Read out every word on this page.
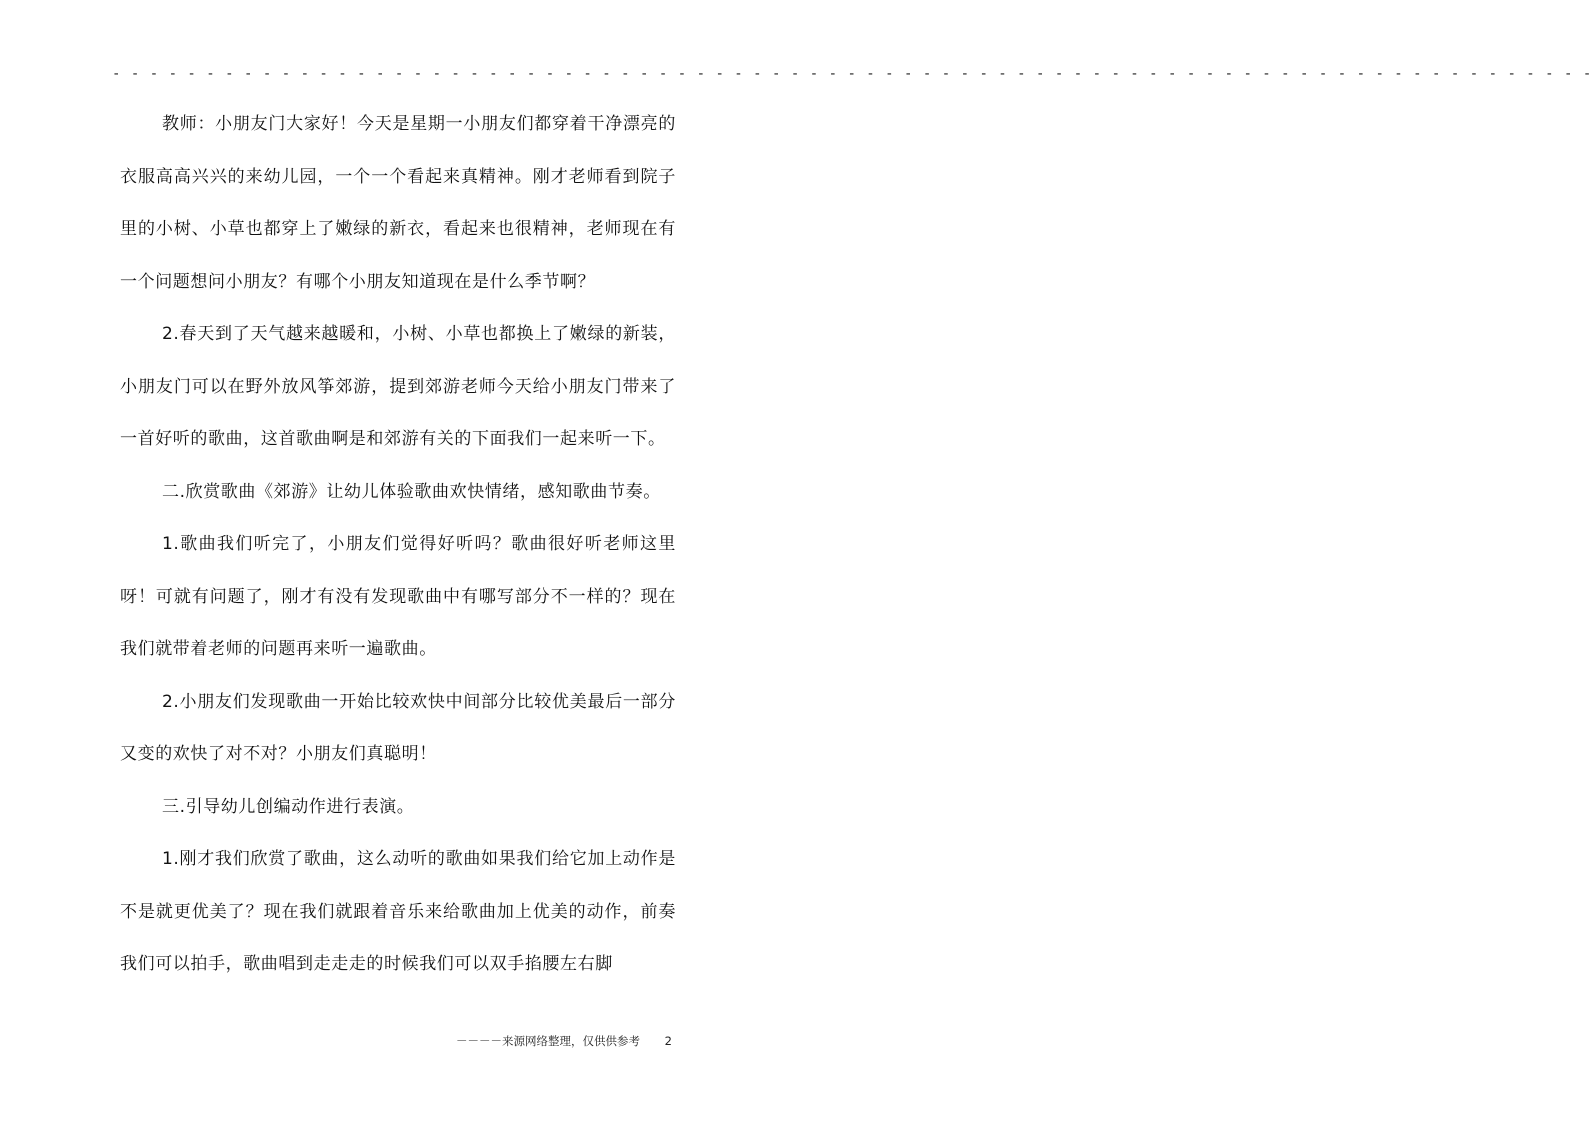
- - - - - - - - - - - - - - - - - - - - - - - - - - - - - - - - - - - - - - - - - - - - - - - - - - - - - - - - - - - - - - - - - - - - - - - - - - - - - - -

教师：小朋友门大家好！今天是星期一小朋友们都穿着干净漂亮的衣服高高兴兴的来幼儿园，一个一个看起来真精神。刚才老师看到院子里的小树、小草也都穿上了嫩绿的新衣，看起来也很精神，老师现在有一个问题想问小朋友？有哪个小朋友知道现在是什么季节啊？

2.春天到了天气越来越暖和，小树、小草也都换上了嫩绿的新装，小朋友门可以在野外放风筝郊游，提到郊游老师今天给小朋友门带来了一首好听的歌曲，这首歌曲啊是和郊游有关的下面我们一起来听一下。

二.欣赏歌曲《郊游》让幼儿体验歌曲欢快情绪，感知歌曲节奏。

1.歌曲我们听完了，小朋友们觉得好听吗？歌曲很好听老师这里呀！可就有问题了，刚才有没有发现歌曲中有哪写部分不一样的？现在我们就带着老师的问题再来听一遍歌曲。

2.小朋友们发现歌曲一开始比较欢快中间部分比较优美最后一部分又变的欢快了对不对？小朋友们真聪明！

三.引导幼儿创编动作进行表演。

1.刚才我们欣赏了歌曲，这么动听的歌曲如果我们给它加上动作是不是就更优美了？现在我们就跟着音乐来给歌曲加上优美的动作，前奏我们可以拍手，歌曲唱到走走走的时候我们可以双手掐腰左右脚

－－－－来源网络整理，仅供供参考 2
